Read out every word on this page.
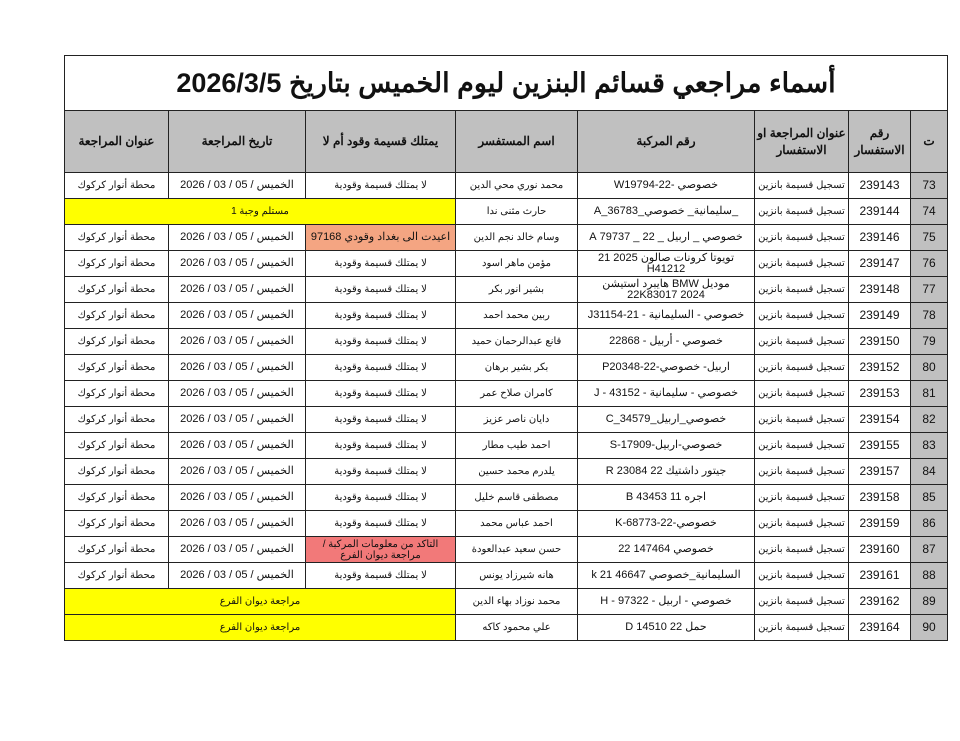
أسماء مراجعي قسائم البنزين ليوم الخميس بتاريخ 2026/3/5							
ت	رقم الاستفسار	عنوان المراجعة او الاستفسار	رقم المركبة	اسم المستفسر	يمتلك قسيمة وقود أم لا	تاريخ المراجعة	عنوان المراجعة
73	239143	تسجيل قسيمة بانزين	خصوصي -22-W19794	محمد نوري محي الدين	لا يمتلك قسيمة وقودية	الخميس / 2026 / 03 / 05	محطة أنوار كركوك
74	239144	تسجيل قسيمة بانزين	_سليمانية_ خصوصي_A_36783	حارث مثنى ندا	مستلم وجبة 1		
75	239146	تسجيل قسيمة بانزين	خصوصي _ اربيل _ 22 _ 79737 A	وسام خالد نجم الدين	اعيدت الى بغداد وقودي 97168	الخميس / 2026 / 03 / 05	محطة أنوار كركوك
76	239147	تسجيل قسيمة بانزين	تويوتا كرونات صالون 2025 21 H41212	مؤمن ماهر اسود	لا يمتلك قسيمة وقودية	الخميس / 2026 / 03 / 05	محطة أنوار كركوك
77	239148	تسجيل قسيمة بانزين	موديل BMW هايبرد استيشن 22K83017 2024	بشير انور بكر	لا يمتلك قسيمة وقودية	الخميس / 2026 / 03 / 05	محطة أنوار كركوك
78	239149	تسجيل قسيمة بانزين	خصوصي - السليمانية - 21-J31154	ربين محمد احمد	لا يمتلك قسيمة وقودية	الخميس / 2026 / 03 / 05	محطة أنوار كركوك
79	239150	تسجيل قسيمة بانزين	خصوصي - أربيل - 22868	قانع عبدالرحمان حميد	لا يمتلك قسيمة وقودية	الخميس / 2026 / 03 / 05	محطة أنوار كركوك
80	239152	تسجيل قسيمة بانزين	اربيل- خصوصي-22-P20348	بكر بشير برهان	لا يمتلك قسيمة وقودية	الخميس / 2026 / 03 / 05	محطة أنوار كركوك
81	239153	تسجيل قسيمة بانزين	خصوصي - سليمانية - 43152 - J	كامران صلاح عمر	لا يمتلك قسيمة وقودية	الخميس / 2026 / 03 / 05	محطة أنوار كركوك
82	239154	تسجيل قسيمة بانزين	خصوصي_اربيل_C_34579	دايان ناصر عزيز	لا يمتلك قسيمة وقودية	الخميس / 2026 / 03 / 05	محطة أنوار كركوك
83	239155	تسجيل قسيمة بانزين	خصوصي-اربيل-S-17909	احمد طيب مطار	لا يمتلك قسيمة وقودية	الخميس / 2026 / 03 / 05	محطة أنوار كركوك
84	239157	تسجيل قسيمة بانزين	جيتور داشتيك 22 R 23084	يلدرم محمد حسين	لا يمتلك قسيمة وقودية	الخميس / 2026 / 03 / 05	محطة أنوار كركوك
85	239158	تسجيل قسيمة بانزين	اجره 11 B 43453	مصطفى قاسم خليل	لا يمتلك قسيمة وقودية	الخميس / 2026 / 03 / 05	محطة أنوار كركوك
86	239159	تسجيل قسيمة بانزين	خصوصي-22-K-68773	احمد عباس محمد	لا يمتلك قسيمة وقودية	الخميس / 2026 / 03 / 05	محطة أنوار كركوك
87	239160	تسجيل قسيمة بانزين	خصوصي 147464 22	حسن سعيد عبدالعودة	التاكد من معلومات المركبة / مراجعة ديوان الفرع	الخميس / 2026 / 03 / 05	محطة أنوار كركوك
88	239161	تسجيل قسيمة بانزين	السليمانية_خصوصي 46647 k 21	هانه شيرزاد يونس	لا يمتلك قسيمة وقودية	الخميس / 2026 / 03 / 05	محطة أنوار كركوك
89	239162	تسجيل قسيمة بانزين	خصوصي - اربيل - 97322 - H	محمد نوزاد بهاء الدين	مراجعة ديوان الفرع		
90	239164	تسجيل قسيمة بانزين	حمل 22 D 14510	علي محمود كاكه	مراجعة ديوان الفرع		
